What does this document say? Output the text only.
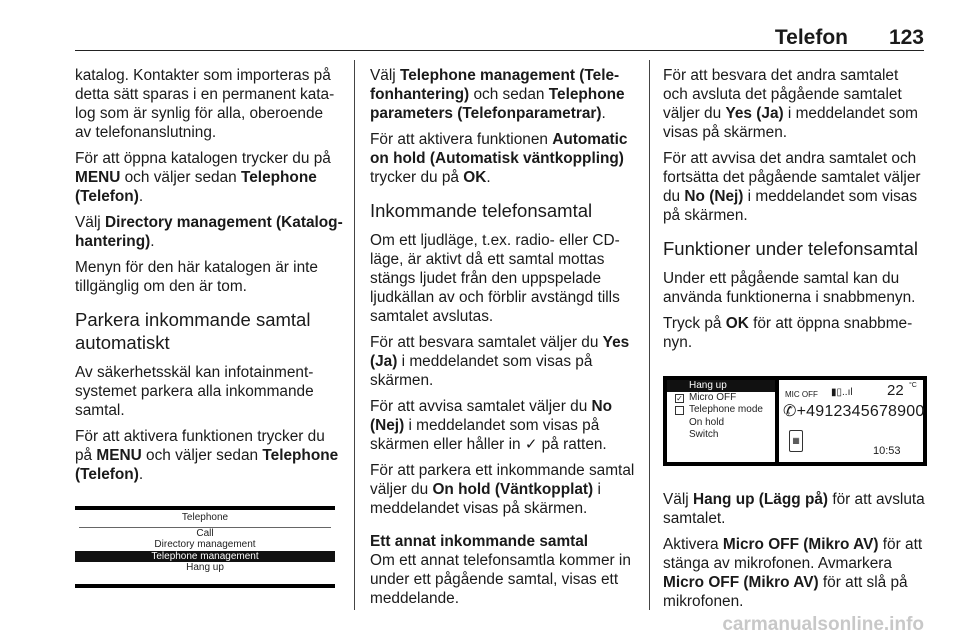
Telefon 123

katalog. Kontakter som importeras på detta sätt sparas i en permanent katalog som är synlig för alla, oberoende av telefonanslutning.

För att öppna katalogen trycker du på MENU och väljer sedan Telephone (Telefon).

Välj Directory management (Kataloghantering).

Menyn för den här katalogen är inte tillgänglig om den är tom.

Parkera inkommande samtal automatiskt

Av säkerhetsskäl kan infotainmentsystemet parkera alla inkommande samtal.

För att aktivera funktionen trycker du på MENU och väljer sedan Telephone (Telefon).

Telephone
Call
Directory management
Telephone management
Hang up

Välj Telephone management (Telefonhantering) och sedan Telephone parameters (Telefonparametrar).

För att aktivera funktionen Automatic on hold (Automatisk väntkoppling) trycker du på OK.

Inkommande telefonsamtal

Om ett ljudläge, t.ex. radio- eller CD-läge, är aktivt då ett samtal mottas stängs ljudet från den uppspelade ljudkällan av och förblir avstängd tills samtalet avslutas.

För att besvara samtalet väljer du Yes (Ja) i meddelandet som visas på skärmen.

För att avvisa samtalet väljer du No (Nej) i meddelandet som visas på skärmen eller håller in ✓ på ratten.

För att parkera ett inkommande samtal väljer du On hold (Väntkopplat) i meddelandet visas på skärmen.

Ett annat inkommande samtal

Om ett annat telefonsamtla kommer in under ett pågående samtal, visas ett meddelande.

För att besvara det andra samtalet och avsluta det pågående samtalet väljer du Yes (Ja) i meddelandet som visas på skärmen.

För att avvisa det andra samtalet och fortsätta det pågående samtalet väljer du No (Nej) i meddelandet som visas på skärmen.

Funktioner under telefonsamtal

Under ett pågående samtal kan du använda funktionerna i snabbmenyn.

Tryck på OK för att öppna snabbmenyn.

Hang up
✓ Micro OFF
Telephone mode
On hold
Switch
MIC OFF ▮▯..ıl 22 °C
✆+4912345678900
▦
10:53

Välj Hang up (Lägg på) för att avsluta samtalet.

Aktivera Micro OFF (Mikro AV) för att stänga av mikrofonen. Avmarkera Micro OFF (Mikro AV) för att slå på mikrofonen.

carmanualsonline.info
